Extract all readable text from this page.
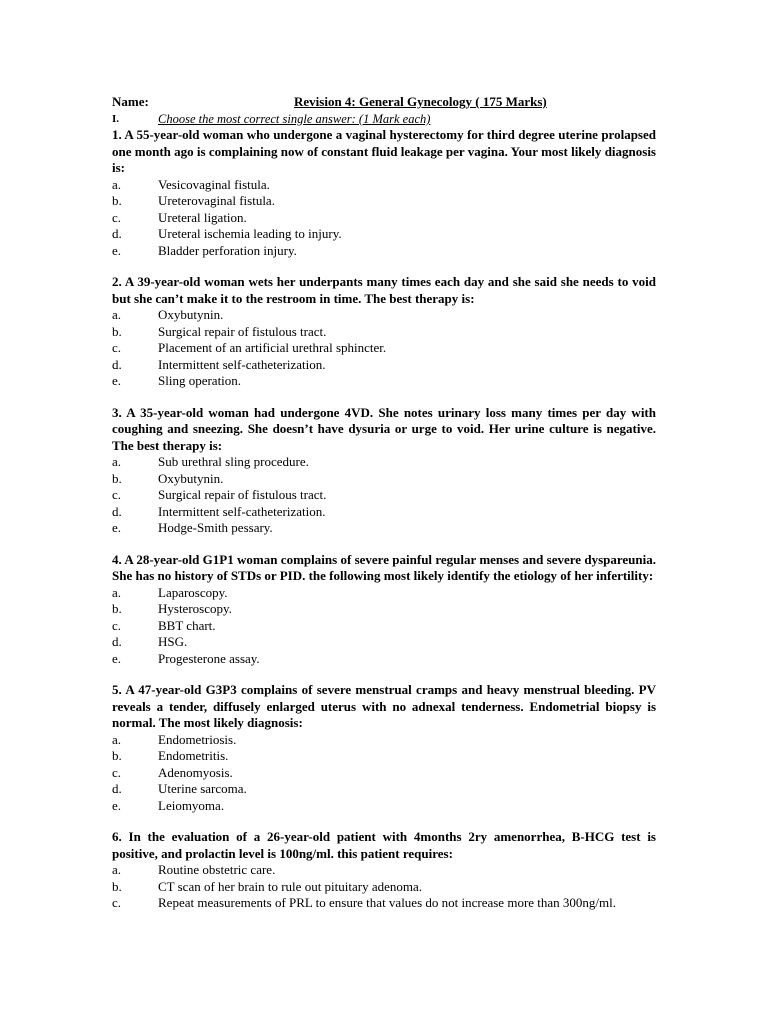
Name:	Revision 4: General Gynecology ( 175 Marks)
I.	Choose the most correct single answer: (1 Mark each)
1. A 55-year-old woman who undergone a vaginal hysterectomy for third degree uterine prolapsed one month ago is complaining now of constant fluid leakage per vagina. Your most likely diagnosis is:
a.	Vesicovaginal fistula.
b.	Ureterovaginal fistula.
c.	Ureteral ligation.
d.	Ureteral ischemia leading to injury.
e.	Bladder perforation injury.
2. A 39-year-old woman wets her underpants many times each day and she said she needs to void but she can’t make it to the restroom in time. The best therapy is:
a.	Oxybutynin.
b.	Surgical repair of fistulous tract.
c.	Placement of an artificial urethral sphincter.
d.	Intermittent self-catheterization.
e.	Sling operation.
3. A 35-year-old woman had undergone 4VD. She notes urinary loss many times per day with coughing and sneezing. She doesn’t have dysuria or urge to void. Her urine culture is negative. The best therapy is:
a.	Sub urethral sling procedure.
b.	Oxybutynin.
c.	Surgical repair of fistulous tract.
d.	Intermittent self-catheterization.
e.	Hodge-Smith pessary.
4. A 28-year-old G1P1 woman complains of severe painful regular menses and severe dyspareunia. She has no history of STDs or PID. the following most likely identify the etiology of her infertility:
a.	Laparoscopy.
b.	Hysteroscopy.
c.	BBT chart.
d.	HSG.
e.	Progesterone assay.
5. A 47-year-old G3P3 complains of severe menstrual cramps and heavy menstrual bleeding. PV reveals a tender, diffusely enlarged uterus with no adnexal tenderness. Endometrial biopsy is normal. The most likely diagnosis:
a.	Endometriosis.
b.	Endometritis.
c.	Adenomyosis.
d.	Uterine sarcoma.
e.	Leiomyoma.
6. In the evaluation of a 26-year-old patient with 4months 2ry amenorrhea, B-HCG test is positive, and prolactin level is 100ng/ml. this patient requires:
a.	Routine obstetric care.
b.	CT scan of her brain to rule out pituitary adenoma.
c.	Repeat measurements of PRL to ensure that values do not increase more than 300ng/ml.
